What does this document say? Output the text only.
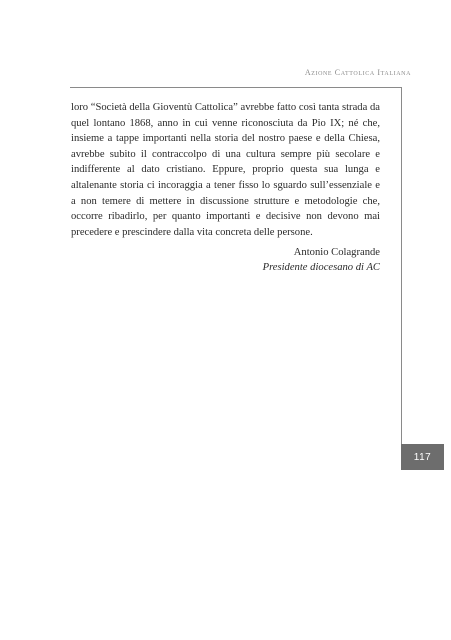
Azione Cattolica Italiana

loro “Società della Gioventù Cattolica” avrebbe fatto così tanta strada da quel lontano 1868, anno in cui venne riconosciuta da Pio IX; né che, insieme a tappe importanti nella storia del nostro paese e della Chiesa, avrebbe subito il contraccolpo di una cultura sempre più secolare e indifferente al dato cristiano. Eppure, proprio questa sua lunga e altalenante storia ci incoraggia a tener fisso lo sguardo sull’essenziale e a non temere di mettere in discussione strutture e metodologie che, occorre ribadirlo, per quanto importanti e decisive non devono mai precedere e prescindere dalla vita concreta delle persone.

Antonio Colagrande
Presidente diocesano di AC
117
